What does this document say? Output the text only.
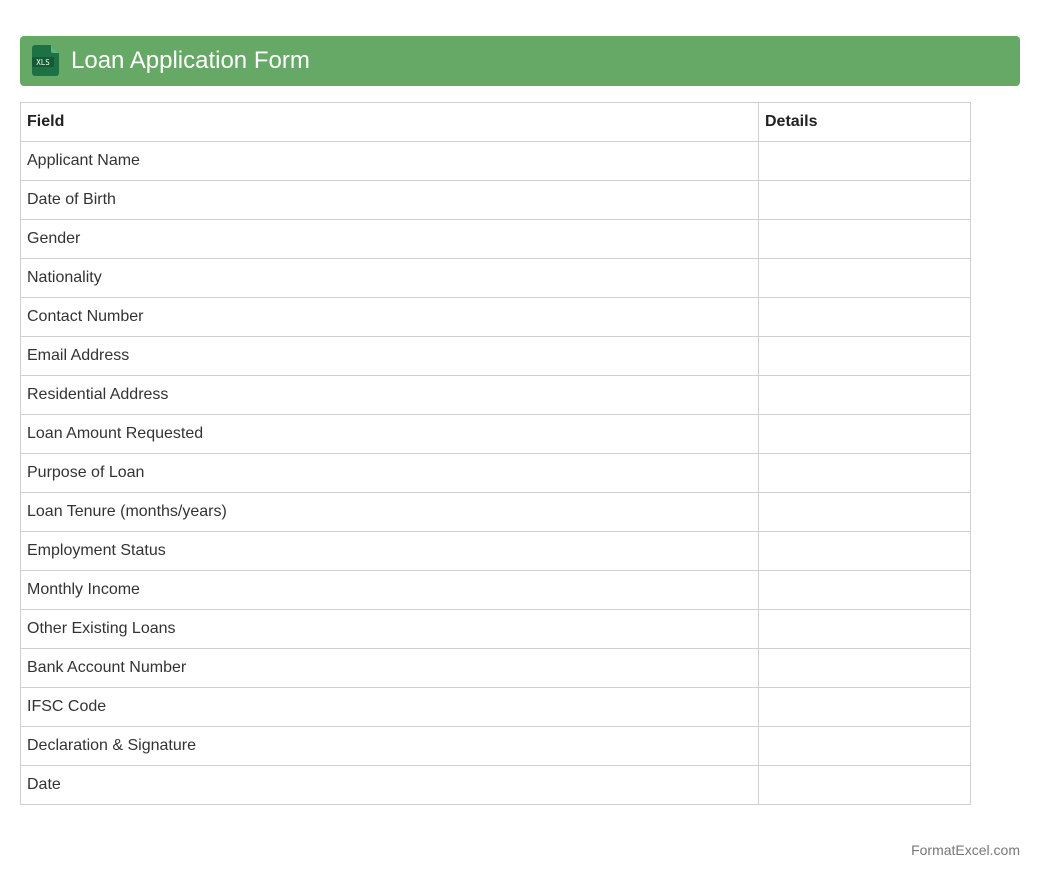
XLS Loan Application Form
Field	Details
Applicant Name	
Date of Birth	
Gender	
Nationality	
Contact Number	
Email Address	
Residential Address	
Loan Amount Requested	
Purpose of Loan	
Loan Tenure (months/years)	
Employment Status	
Monthly Income	
Other Existing Loans	
Bank Account Number	
IFSC Code	
Declaration & Signature	
Date	
FormatExcel.com
